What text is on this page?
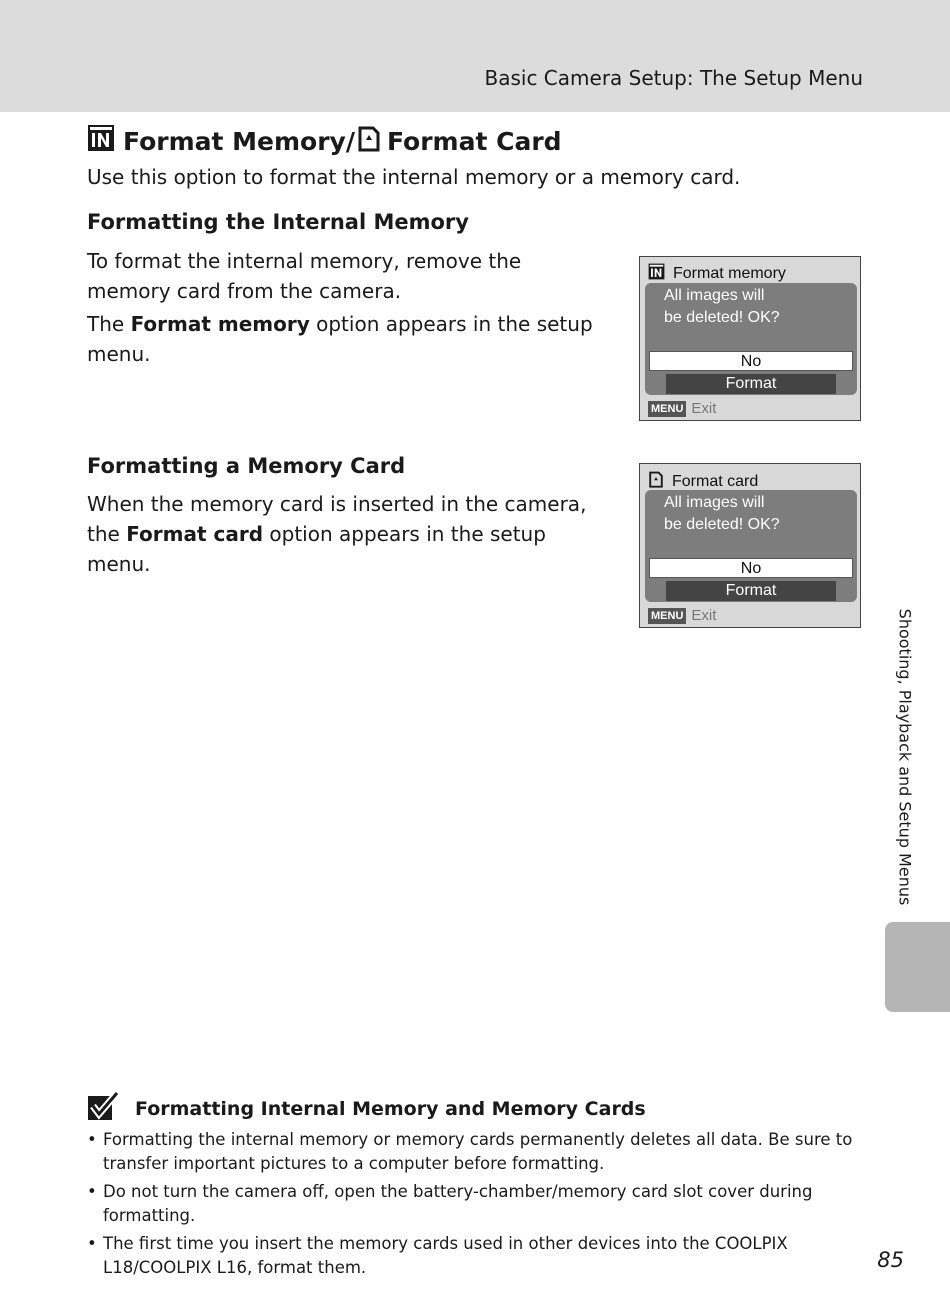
Basic Camera Setup: The Setup Menu
Format Memory/ Format Card
Use this option to format the internal memory or a memory card.
Formatting the Internal Memory
To format the internal memory, remove the memory card from the camera.
The Format memory option appears in the setup menu.
Format memory
All images will
be deleted! OK?
No
Format
MENU Exit
Formatting a Memory Card
When the memory card is inserted in the camera, the Format card option appears in the setup menu.
Format card
All images will
be deleted! OK?
No
Format
MENU Exit	Shooting, Playback and Setup Menus
Formatting Internal Memory and Memory Cards
• Formatting the internal memory or memory cards permanently deletes all data. Be sure to transfer important pictures to a computer before formatting.
• Do not turn the camera off, open the battery-chamber/memory card slot cover during formatting.
• The first time you insert the memory cards used in other devices into the COOLPIX L18/COOLPIX L16, format them.	85
